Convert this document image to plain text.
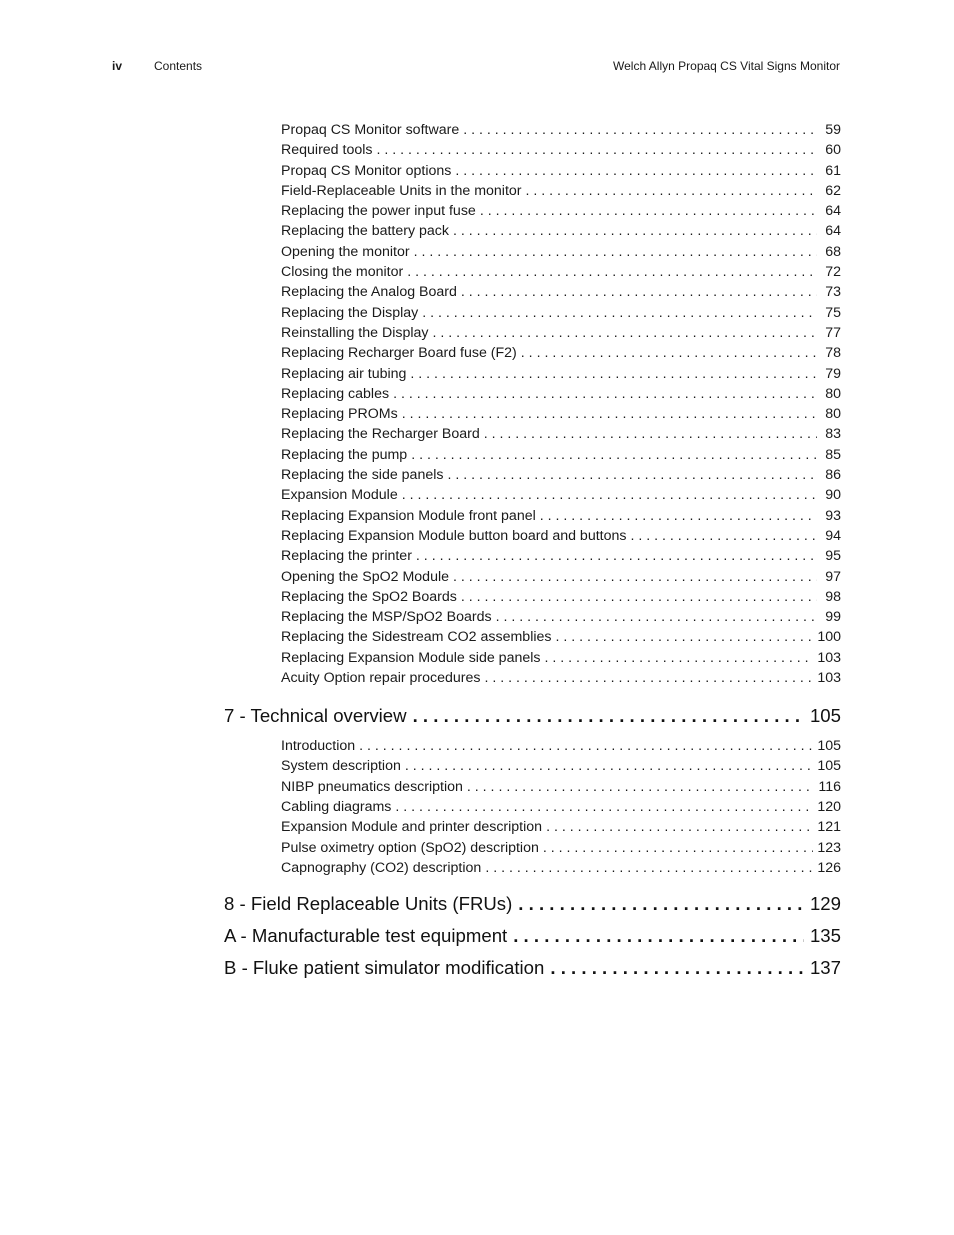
iv	Contents	Welch Allyn Propaq CS Vital Signs Monitor
Propaq CS Monitor software . . .	59
Required tools . . .	60
Propaq CS Monitor options . . .	61
Field-Replaceable Units in the monitor . . .	62
Replacing the power input fuse . . .	64
Replacing the battery pack . . .	64
Opening the monitor . . .	68
Closing the monitor . . .	72
Replacing the Analog Board . . .	73
Replacing the Display . . .	75
Reinstalling the Display . . .	77
Replacing Recharger Board fuse (F2) . . .	78
Replacing air tubing . . .	79
Replacing cables . . .	80
Replacing PROMs . . .	80
Replacing the Recharger Board . . .	83
Replacing the pump . . .	85
Replacing the side panels . . .	86
Expansion Module . . .	90
Replacing Expansion Module front panel . . .	93
Replacing Expansion Module button board and buttons . . .	94
Replacing the printer . . .	95
Opening the SpO2 Module . . .	97
Replacing the SpO2 Boards . . .	98
Replacing the MSP/SpO2 Boards . . .	99
Replacing the Sidestream CO2 assemblies . . .	100
Replacing Expansion Module side panels . . .	103
Acuity Option repair procedures . . .	103
7 - Technical overview . . .	105
Introduction . . .	105
System description . . .	105
NIBP pneumatics description . . .	116
Cabling diagrams . . .	120
Expansion Module and printer description . . .	121
Pulse oximetry option (SpO2) description . . .	123
Capnography (CO2) description . . .	126
8 - Field Replaceable Units (FRUs) . . .	129
A - Manufacturable test equipment . . .	135
B - Fluke patient simulator modification . . .	137
